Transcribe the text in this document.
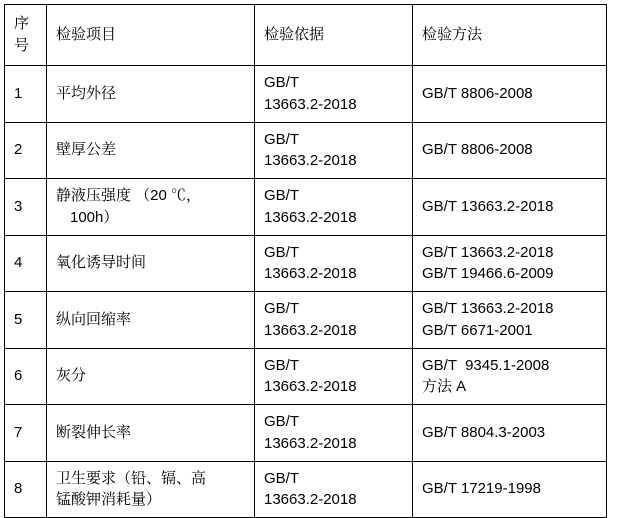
序 号	检验项目	检验依据	检验方法
1	平均外径	GB/T
13663.2-2018	GB/T 8806-2008

2	壁厚公差	GB/T
13663.2-2018	GB/T 8806-2008

3	静液压强度 （20 ℃，
100h）	GB/T
13663.2-2018	GB/T 13663.2-2018

4	氧化诱导时间	GB/T
13663.2-2018	GB/T 13663.2-2018
GB/T 19466.6-2009

5	纵向回缩率	GB/T
13663.2-2018	GB/T 13663.2-2018
GB/T 6671-2001

6	灰分	GB/T
13663.2-2018	GB/T  9345.1-2008
方法 A

7	断裂伸长率	GB/T
13663.2-2018	GB/T 8804.3-2003

8	卫生要求（铅、镉、高
锰酸钾消耗量）	GB/T
13663.2-2018	GB/T 17219-1998
